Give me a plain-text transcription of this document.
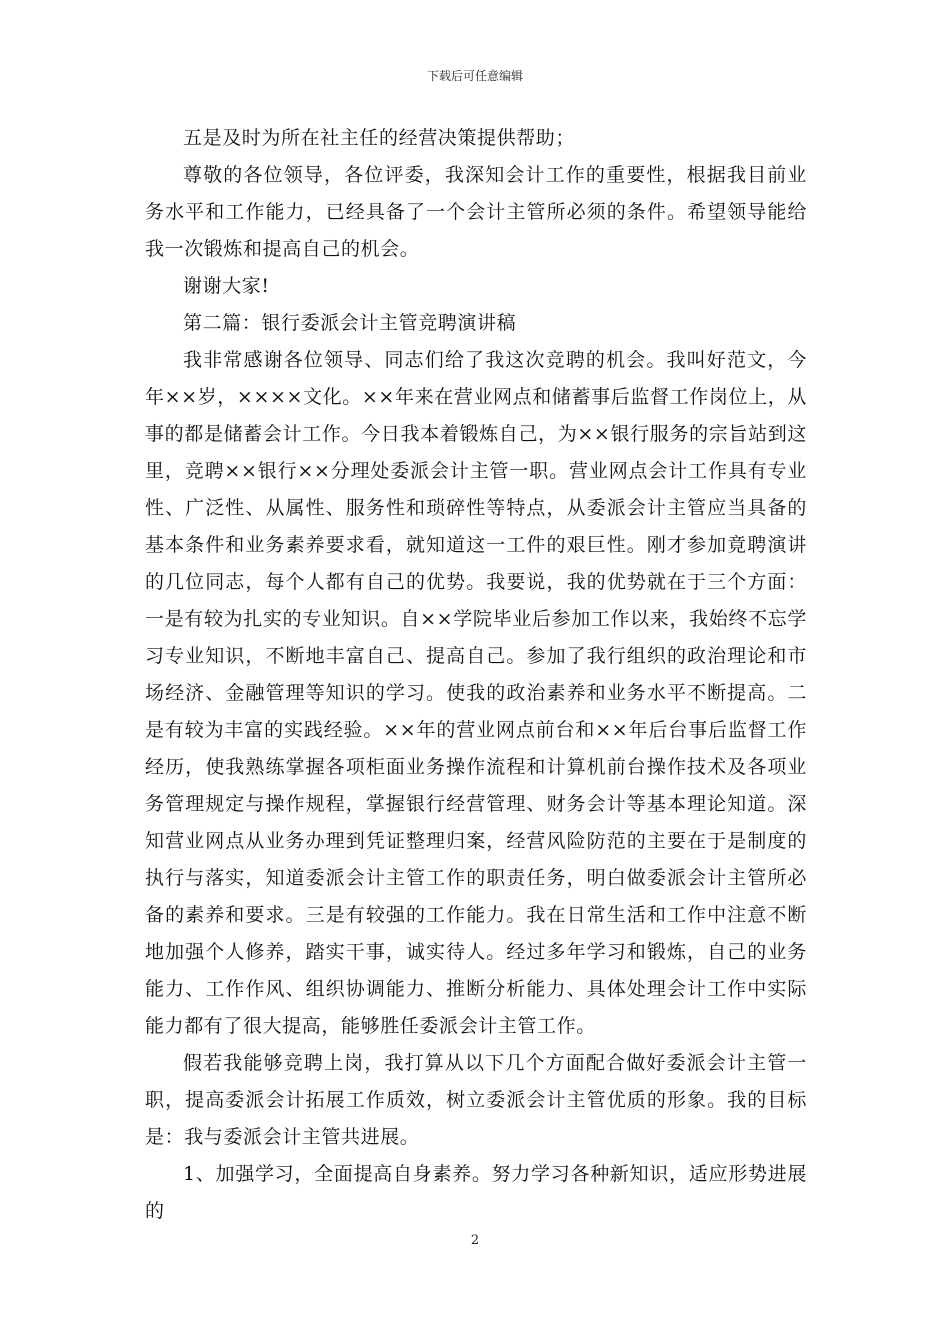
下载后可任意编辑

五是及时为所在社主任的经营决策提供帮助；

尊敬的各位领导，各位评委，我深知会计工作的重要性，根据我目前业务水平和工作能力，已经具备了一个会计主管所必须的条件。希望领导能给我一次锻炼和提高自己的机会。

谢谢大家!

第二篇：银行委派会计主管竞聘演讲稿

我非常感谢各位领导、同志们给了我这次竞聘的机会。我叫好范文，今年××岁，××××文化。××年来在营业网点和储蓄事后监督工作岗位上，从事的都是储蓄会计工作。今日我本着锻炼自己，为××银行服务的宗旨站到这里，竞聘××银行××分理处委派会计主管一职。营业网点会计工作具有专业性、广泛性、从属性、服务性和琐碎性等特点，从委派会计主管应当具备的基本条件和业务素养要求看，就知道这一工件的艰巨性。刚才参加竟聘演讲的几位同志，每个人都有自己的优势。我要说，我的优势就在于三个方面：一是有较为扎实的专业知识。自××学院毕业后参加工作以来，我始终不忘学习专业知识，不断地丰富自己、提高自己。参加了我行组织的政治理论和市场经济、金融管理等知识的学习。使我的政治素养和业务水平不断提高。二是有较为丰富的实践经验。××年的营业网点前台和××年后台事后监督工作经历，使我熟练掌握各项柜面业务操作流程和计算机前台操作技术及各项业务管理规定与操作规程，掌握银行经营管理、财务会计等基本理论知道。深知营业网点从业务办理到凭证整理归案，经营风险防范的主要在于是制度的执行与落实，知道委派会计主管工作的职责任务，明白做委派会计主管所必备的素养和要求。三是有较强的工作能力。我在日常生活和工作中注意不断地加强个人修养，踏实干事，诚实待人。经过多年学习和锻炼，自己的业务能力、工作作风、组织协调能力、推断分析能力、具体处理会计工作中实际能力都有了很大提高，能够胜任委派会计主管工作。

假若我能够竞聘上岗，我打算从以下几个方面配合做好委派会计主管一职，提高委派会计拓展工作质效，树立委派会计主管优质的形象。我的目标是：我与委派会计主管共进展。

1、加强学习，全面提高自身素养。努力学习各种新知识，适应形势进展的

2
